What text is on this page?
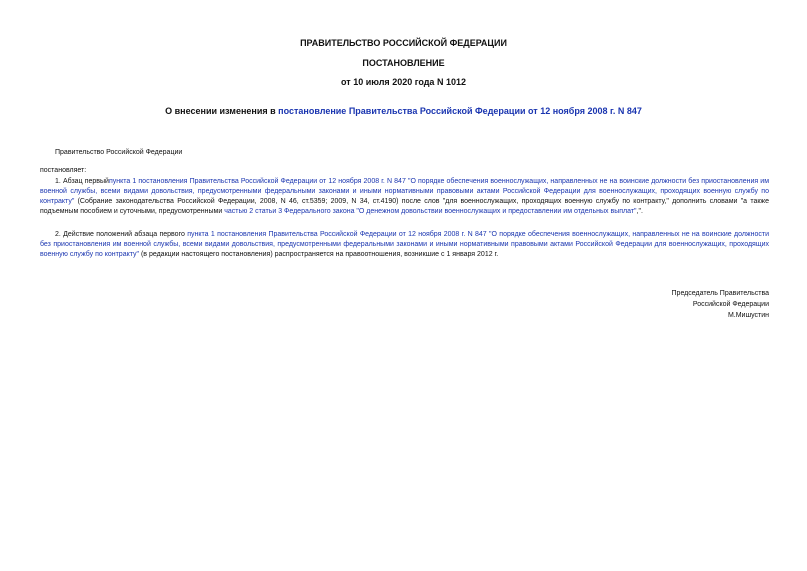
ПРАВИТЕЛЬСТВО РОССИЙСКОЙ ФЕДЕРАЦИИ

ПОСТАНОВЛЕНИЕ

от 10 июля 2020 года N 1012

О внесении изменения в постановление Правительства Российской Федерации от 12 ноября 2008 г. N 847

Правительство Российской Федерации

постановляет:

1. Абзац первыйпункта 1 постановления Правительства Российской Федерации от 12 ноября 2008 г. N 847 "О порядке обеспечения военнослужащих, направленных не на воинские должности без приостановления им военной службы, всеми видами довольствия, предусмотренными федеральными законами и иными нормативными правовыми актами Российской Федерации для военнослужащих, проходящих военную службу по контракту" (Собрание законодательства Российской Федерации, 2008, N 46, ст.5359; 2009, N 34, ст.4190) после слов "для военнослужащих, проходящих военную службу по контракту," дополнить словами "а также подъемным пособием и суточными, предусмотренными частью 2 статьи 3 Федерального закона "О денежном довольствии военнослужащих и предоставлении им отдельных выплат",".

2. Действие положений абзаца первого пункта 1 постановления Правительства Российской Федерации от 12 ноября 2008 г. N 847 "О порядке обеспечения военнослужащих, направленных не на воинские должности без приостановления им военной службы, всеми видами довольствия, предусмотренными федеральными законами и иными нормативными правовыми актами Российской Федерации для военнослужащих, проходящих военную службу по контракту" (в редакции настоящего постановления) распространяется на правоотношения, возникшие с 1 января 2012 г.

Председатель Правительства

Российской Федерации

М.Мишустин
